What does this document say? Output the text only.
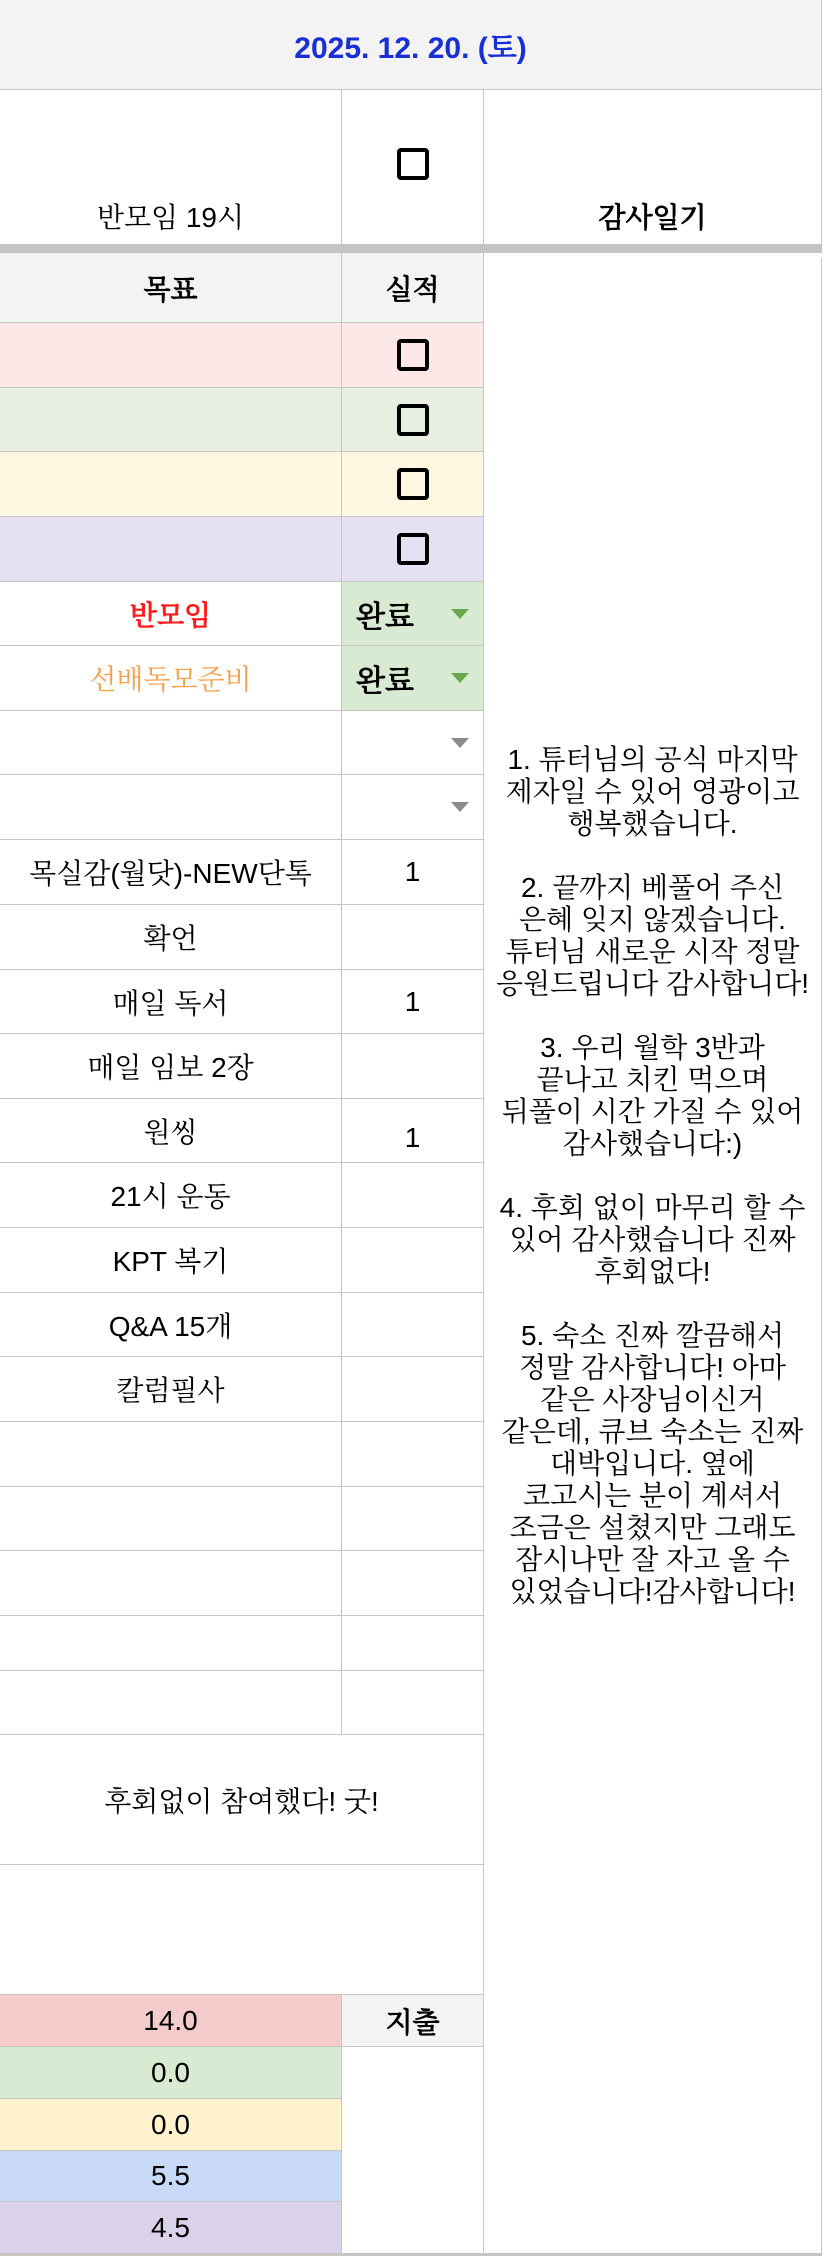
2025. 12. 20. (토)
반모임 19시	감사일기
목표	실적
반모임	완료
선배독모준비	완료
목실감(월닷)-NEW단톡	1
확언
매일 독서	1
매일 임보 2장
원씽	1
21시 운동
KPT 복기
Q&A 15개
칼럼필사
후회없이 참여했다! 굿!
14.0	지출
0.0
0.0
5.5
4.5
1. 튜터님의 공식 마지막
제자일 수 있어 영광이고
행복했습니다.

2. 끝까지 베풀어 주신
은혜 잊지 않겠습니다.
튜터님 새로운 시작 정말
응원드립니다 감사합니다!

3. 우리 월학 3반과
끝나고 치킨 먹으며
뒤풀이 시간 가질 수 있어
감사했습니다:)

4. 후회 없이 마무리 할 수
있어 감사했습니다 진짜
후회없다!

5. 숙소 진짜 깔끔해서
정말 감사합니다! 아마
같은 사장님이신거
같은데, 큐브 숙소는 진짜
대박입니다. 옆에
코고시는 분이 계셔서
조금은 설쳤지만 그래도
잠시나만 잘 자고 올 수
있었습니다!감사합니다!
